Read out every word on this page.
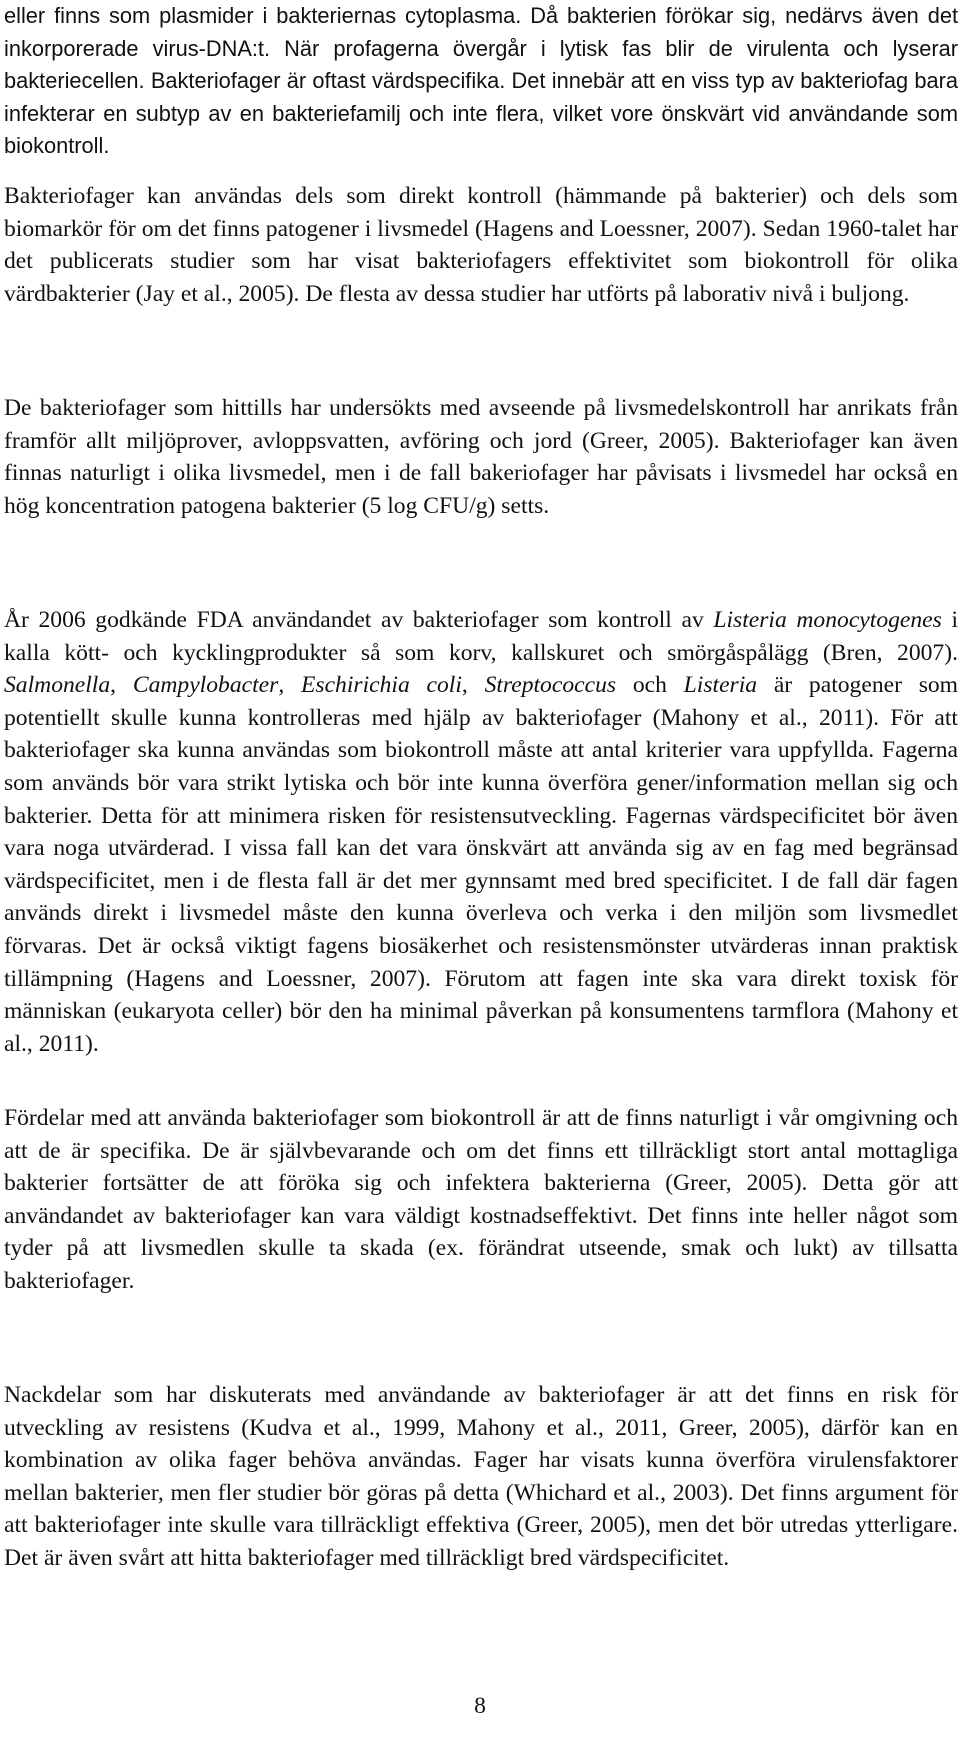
eller finns som plasmider i bakteriernas cytoplasma. Då bakterien förökar sig, nedärvs även det inkorporerade virus-DNA:t. När profagerna övergår i lytisk fas blir de virulenta och lyserar bakteriecellen. Bakteriofager är oftast värdspecifika. Det innebär att en viss typ av bakteriofag bara infekterar en subtyp av en bakteriefamilj och inte flera, vilket vore önskvärt vid användande som biokontroll.

Bakteriofager kan användas dels som direkt kontroll (hämmande på bakterier) och dels som biomarkör för om det finns patogener i livsmedel (Hagens and Loessner, 2007). Sedan 1960-talet har det publicerats studier som har visat bakteriofagers effektivitet som biokontroll för olika värdbakterier (Jay et al., 2005). De flesta av dessa studier har utförts på laborativ nivå i buljong.

De bakteriofager som hittills har undersökts med avseende på livsmedelskontroll har anrikats från framför allt miljöprover, avloppsvatten, avföring och jord (Greer, 2005). Bakteriofager kan även finnas naturligt i olika livsmedel, men i de fall bakeriofager har påvisats i livsmedel har också en hög koncentration patogena bakterier (5 log CFU/g) setts.

År 2006 godkände FDA användandet av bakteriofager som kontroll av Listeria monocytogenes i kalla kött- och kycklingprodukter så som korv, kallskuret och smörgåspålägg (Bren, 2007). Salmonella, Campylobacter, Eschirichia coli, Streptococcus och Listeria är patogener som potentiellt skulle kunna kontrolleras med hjälp av bakteriofager (Mahony et al., 2011). För att bakteriofager ska kunna användas som biokontroll måste att antal kriterier vara uppfyllda. Fagerna som används bör vara strikt lytiska och bör inte kunna överföra gener/information mellan sig och bakterier. Detta för att minimera risken för resistensutveckling. Fagernas värdspecificitet bör även vara noga utvärderad. I vissa fall kan det vara önskvärt att använda sig av en fag med begränsad värdspecificitet, men i de flesta fall är det mer gynnsamt med bred specificitet. I de fall där fagen används direkt i livsmedel måste den kunna överleva och verka i den miljön som livsmedlet förvaras. Det är också viktigt fagens biosäkerhet och resistensmönster utvärderas innan praktisk tillämpning (Hagens and Loessner, 2007). Förutom att fagen inte ska vara direkt toxisk för människan (eukaryota celler) bör den ha minimal påverkan på konsumentens tarmflora (Mahony et al., 2011).

Fördelar med att använda bakteriofager som biokontroll är att de finns naturligt i vår omgivning och att de är specifika. De är självbevarande och om det finns ett tillräckligt stort antal mottagliga bakterier fortsätter de att föröka sig och infektera bakterierna (Greer, 2005). Detta gör att användandet av bakteriofager kan vara väldigt kostnadseffektivt. Det finns inte heller något som tyder på att livsmedlen skulle ta skada (ex. förändrat utseende, smak och lukt) av tillsatta bakteriofager.

Nackdelar som har diskuterats med användande av bakteriofager är att det finns en risk för utveckling av resistens (Kudva et al., 1999, Mahony et al., 2011, Greer, 2005), därför kan en kombination av olika fager behöva användas. Fager har visats kunna överföra virulensfaktorer mellan bakterier, men fler studier bör göras på detta (Whichard et al., 2003). Det finns argument för att bakteriofager inte skulle vara tillräckligt effektiva (Greer, 2005), men det bör utredas ytterligare. Det är även svårt att hitta bakteriofager med tillräckligt bred värdspecificitet.

8
